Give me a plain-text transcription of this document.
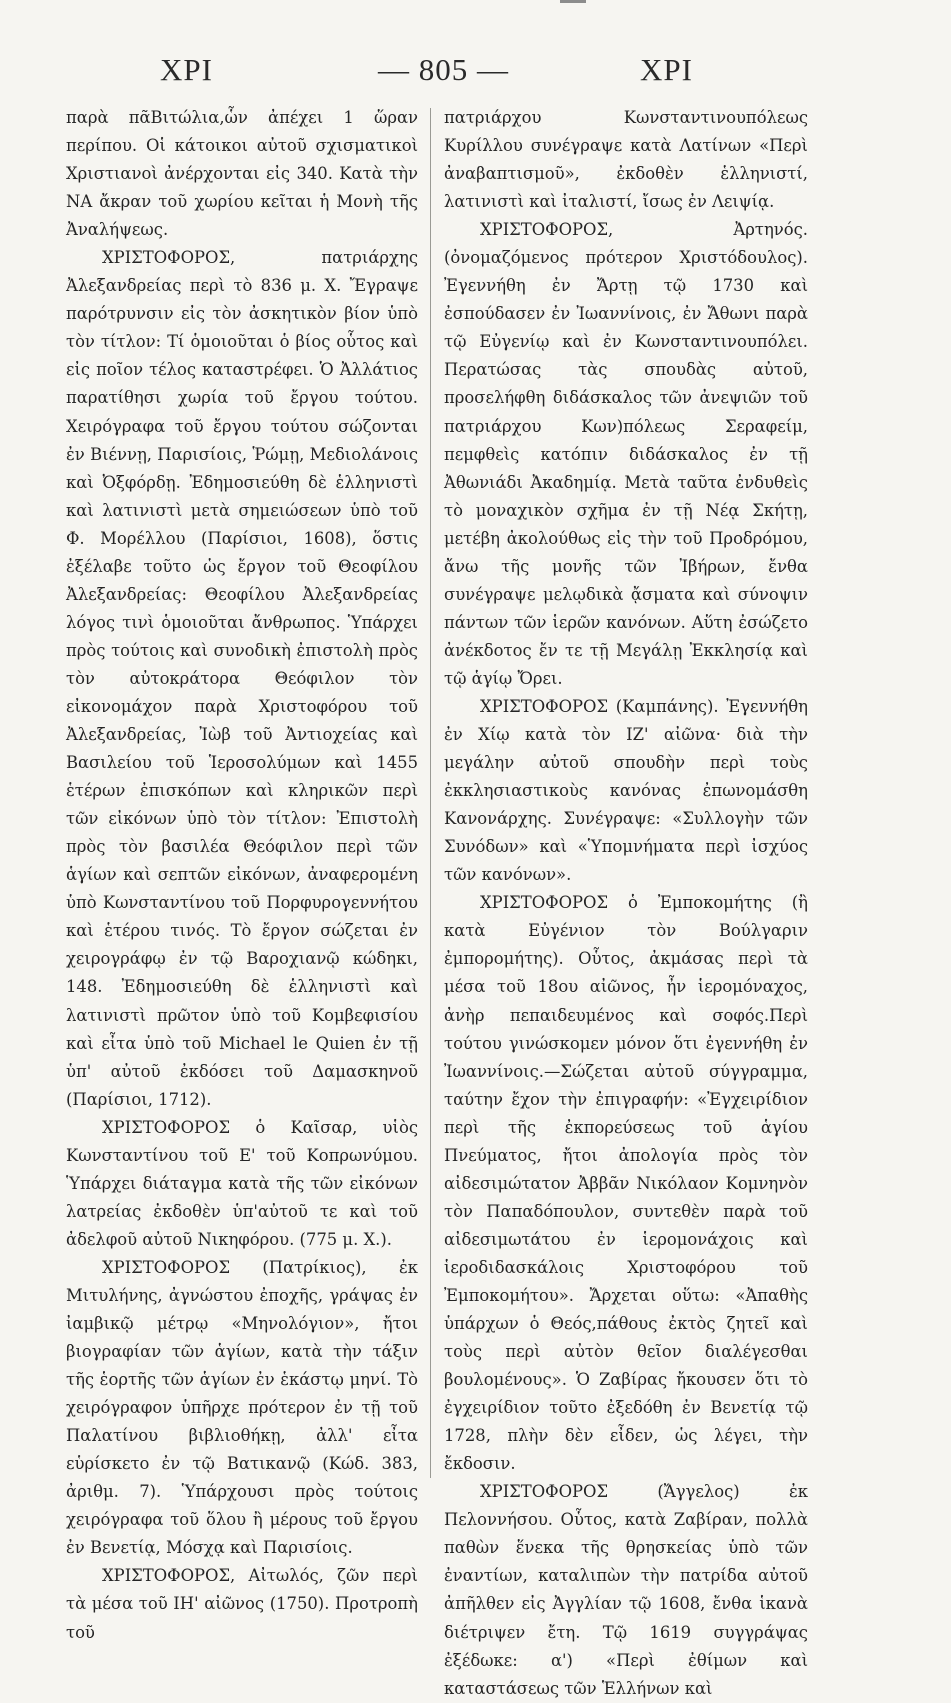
ΧΡΙ	— 805 —	ΧΡΙ

παρὰ πᾶΒιτώλια,ὧν ἀπέχει 1 ὥραν περίπου. Οἱ κάτοικοι αὐτοῦ σχισματικοὶ Χριστιανοὶ ἀνέρχονται εἰς 340. Κατὰ τὴν ΝΑ ἄκραν τοῦ χωρίου κεῖται ἡ Μονὴ τῆς Ἀναλήψεως.

ΧΡΙΣΤΟΦΟΡΟΣ, πατριάρχης Ἀλεξανδρείας περὶ τὸ 836 μ. Χ. Ἔγραψε παρότρυνσιν εἰς τὸν ἀσκητικὸν βίον ὑπὸ τὸν τίτλον: Τί ὁμοιοῦται ὁ βίος οὗτος καὶ εἰς ποῖον τέλος καταστρέφει. Ὁ Ἀλλάτιος παρατίθησι χωρία τοῦ ἔργου τούτου. Χειρόγραφα τοῦ ἔργου τούτου σώζονται ἐν Βιέννῃ, Παρισίοις, Ῥώμῃ, Μεδιολάνοις καὶ Ὀξφόρδῃ. Ἐδημοσιεύθη δὲ ἑλληνιστὶ καὶ λατινιστὶ μετὰ σημειώσεων ὑπὸ τοῦ Φ. Μορέλλου (Παρίσιοι, 1608), ὅστις ἐξέλαβε τοῦτο ὡς ἔργον τοῦ Θεοφίλου Ἀλεξανδρείας: Θεοφίλου Ἀλεξανδρείας λόγος τινὶ ὁμοιοῦται ἄνθρωπος. Ὑπάρχει πρὸς τούτοις καὶ συνοδικὴ ἐπιστολὴ πρὸς τὸν αὐτοκράτορα Θεόφιλον τὸν εἰκονομάχον παρὰ Χριστοφόρου τοῦ Ἀλεξανδρείας, Ἰὼβ τοῦ Ἀντιοχείας καὶ Βασιλείου τοῦ Ἱεροσολύμων καὶ 1455 ἑτέρων ἐπισκόπων καὶ κληρικῶν περὶ τῶν εἰκόνων ὑπὸ τὸν τίτλον: Ἐπιστολὴ πρὸς τὸν βασιλέα Θεόφιλον περὶ τῶν ἁγίων καὶ σεπτῶν εἰκόνων, ἀναφερομένη ὑπὸ Κωνσταντίνου τοῦ Πορφυρογεννήτου καὶ ἑτέρου τινός. Τὸ ἔργον σώζεται ἐν χειρογράφῳ ἐν τῷ Βαροχιανῷ κώδηκι, 148. Ἐδημοσιεύθη δὲ ἑλληνιστὶ καὶ λατινιστὶ πρῶτον ὑπὸ τοῦ Κομβεφισίου καὶ εἶτα ὑπὸ τοῦ Michael le Quien ἐν τῇ ὑπ' αὐτοῦ ἐκδόσει τοῦ Δαμασκηνοῦ (Παρίσιοι, 1712).

ΧΡΙΣΤΟΦΟΡΟΣ ὁ Καῖσαρ, υἱὸς Κωνσταντίνου τοῦ Ε' τοῦ Κοπρωνύμου. Ὑπάρχει διάταγμα κατὰ τῆς τῶν εἰκόνων λατρείας ἐκδοθὲν ὑπ'αὐτοῦ τε καὶ τοῦ ἀδελφοῦ αὐτοῦ Νικηφόρου. (775 μ. Χ.).

ΧΡΙΣΤΟΦΟΡΟΣ (Πατρίκιος), ἐκ Μιτυλήνης, ἀγνώστου ἐποχῆς, γράψας ἐν ἰαμβικῷ μέτρῳ «Μηνολόγιον», ἤτοι βιογραφίαν τῶν ἁγίων, κατὰ τὴν τάξιν τῆς ἑορτῆς τῶν ἁγίων ἐν ἑκάστῳ μηνί. Τὸ χειρόγραφον ὑπῆρχε πρότερον ἐν τῇ τοῦ Παλατίνου βιβλιοθήκῃ, ἀλλ' εἶτα εὑρίσκετο ἐν τῷ Βατικανῷ (Κώδ. 383, ἀριθμ. 7). Ὑπάρχουσι πρὸς τούτοις χειρόγραφα τοῦ ὅλου ἢ μέρους τοῦ ἔργου ἐν Βενετίᾳ, Μόσχᾳ καὶ Παρισίοις.

ΧΡΙΣΤΟΦΟΡΟΣ, Αἰτωλός, ζῶν περὶ τὰ μέσα τοῦ ΙΗ' αἰῶνος (1750). Προτροπὴ τοῦ

πατριάρχου Κωνσταντινουπόλεως Κυρίλλου συνέγραψε κατὰ Λατίνων «Περὶ ἀναβαπτισμοῦ», ἐκδοθὲν ἑλληνιστί, λατινιστὶ καὶ ἰταλιστί, ἴσως ἐν Λειψίᾳ.

ΧΡΙΣΤΟΦΟΡΟΣ, Ἀρτηνός. (ὀνομαζόμενος πρότερον Χριστόδουλος). Ἐγεννήθη ἐν Ἄρτῃ τῷ 1730 καὶ ἐσπούδασεν ἐν Ἰωαννίνοις, ἐν Ἄθωνι παρὰ τῷ Εὐγενίῳ καὶ ἐν Κωνσταντινουπόλει. Περατώσας τὰς σπουδὰς αὐτοῦ, προσελήφθη διδάσκαλος τῶν ἀνεψιῶν τοῦ πατριάρχου Κων)πόλεως Σεραφείμ, πεμφθεὶς κατόπιν διδάσκαλος ἐν τῇ Ἀθωνιάδι Ἀκαδημίᾳ. Μετὰ ταῦτα ἐνδυθεὶς τὸ μοναχικὸν σχῆμα ἐν τῇ Νέᾳ Σκήτῃ, μετέβη ἀκολούθως εἰς τὴν τοῦ Προδρόμου, ἄνω τῆς μονῆς τῶν Ἰβήρων, ἔνθα συνέγραψε μελῳδικὰ ᾄσματα καὶ σύνοψιν πάντων τῶν ἱερῶν κανόνων. Αὕτη ἐσώζετο ἀνέκδοτος ἔν τε τῇ Μεγάλῃ Ἐκκλησίᾳ καὶ τῷ ἁγίῳ Ὄρει.

ΧΡΙΣΤΟΦΟΡΟΣ (Καμπάνης). Ἐγεννήθη ἐν Χίῳ κατὰ τὸν ΙΖ' αἰῶνα· διὰ τὴν μεγάλην αὐτοῦ σπουδὴν περὶ τοὺς ἐκκλησιαστικοὺς κανόνας ἐπωνομάσθη Κανονάρχης. Συνέγραψε: «Συλλογὴν τῶν Συνόδων» καὶ «Ὑπομνήματα περὶ ἰσχύος τῶν κανόνων».

ΧΡΙΣΤΟΦΟΡΟΣ ὁ Ἐμποκομήτης (ἢ κατὰ Εὐγένιον τὸν Βούλγαριν ἐμπορομήτης). Οὗτος, ἀκμάσας περὶ τὰ μέσα τοῦ 18ου αἰῶνος, ἦν ἱερομόναχος, ἀνὴρ πεπαιδευμένος καὶ σοφός.Περὶ τούτου γινώσκομεν μόνον ὅτι ἐγεννήθη ἐν Ἰωαννίνοις.—Σώζεται αὐτοῦ σύγγραμμα, ταύτην ἔχον τὴν ἐπιγραφήν: «Ἐγχειρίδιον περὶ τῆς ἐκπορεύσεως τοῦ ἁγίου Πνεύματος, ἤτοι ἀπολογία πρὸς τὸν αἰδεσιμώτατον Ἀββᾶν Νικόλαον Κομνηνὸν τὸν Παπαδόπουλον, συντεθὲν παρὰ τοῦ αἰδεσιμωτάτου ἐν ἱερομονάχοις καὶ ἱεροδιδασκάλοις Χριστοφόρου τοῦ Ἐμποκομήτου». Ἄρχεται οὕτω: «Ἀπαθὴς ὑπάρχων ὁ Θεός,πάθους ἐκτὸς ζητεῖ καὶ τοὺς περὶ αὐτὸν θεῖον διαλέγεσθαι βουλομένους». Ὁ Ζαβίρας ἤκουσεν ὅτι τὸ ἐγχειρίδιον τοῦτο ἐξεδόθη ἐν Βενετίᾳ τῷ 1728, πλὴν δὲν εἶδεν, ὡς λέγει, τὴν ἔκδοσιν.

ΧΡΙΣΤΟΦΟΡΟΣ (Ἄγγελος) ἐκ Πελοννήσου. Οὗτος, κατὰ Ζαβίραν, πολλὰ παθὼν ἕνεκα τῆς θρησκείας ὑπὸ τῶν ἐναντίων, καταλιπὼν τὴν πατρίδα αὐτοῦ ἀπῆλθεν εἰς Ἀγγλίαν τῷ 1608, ἔνθα ἱκανὰ διέτριψεν ἔτη. Τῷ 1619 συγγράψας ἐξέδωκε: α') «Περὶ ἐθίμων καὶ καταστάσεως τῶν Ἑλλήνων καὶ
